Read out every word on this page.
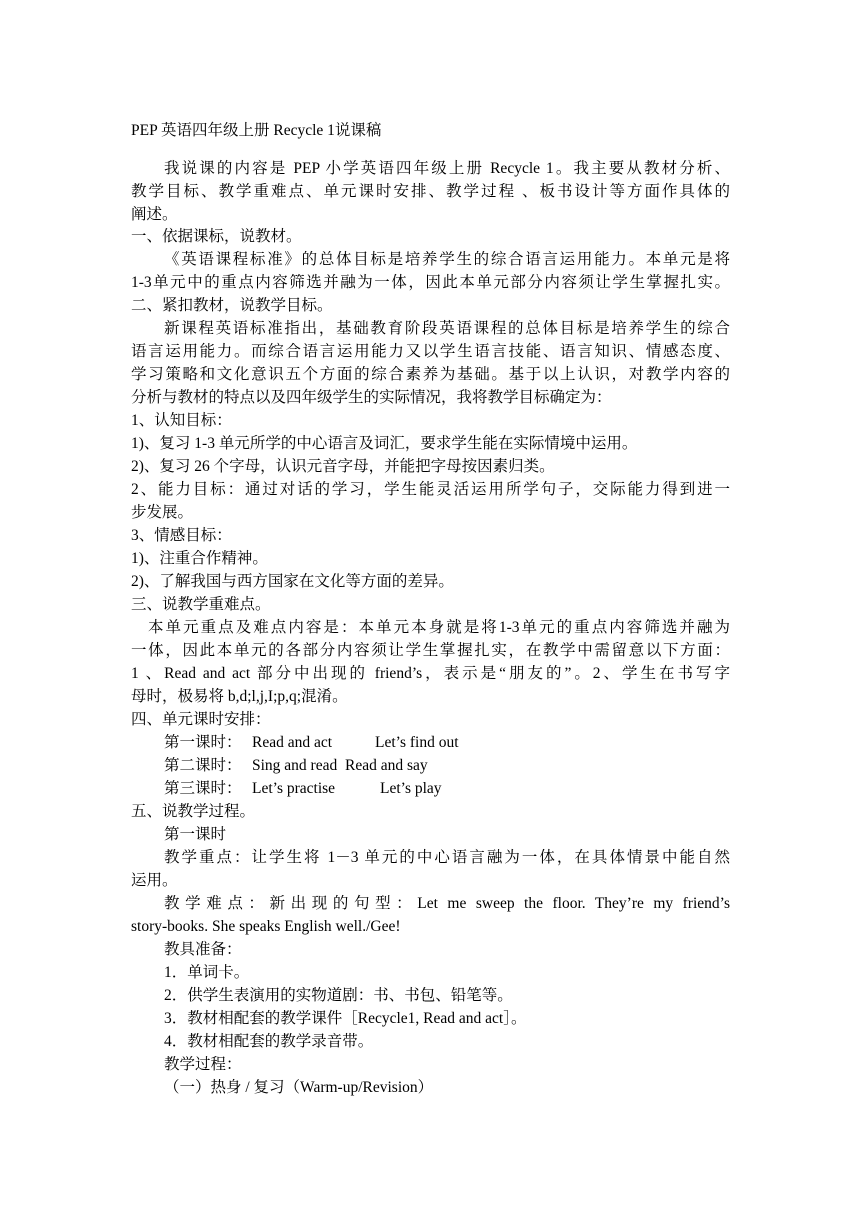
PEP 英语四年级上册 Recycle 1说课稿
我说课的内容是 PEP 小学英语四年级上册 Recycle 1。我主要从教材分析、
教学目标、教学重难点、单元课时安排、教学过程 、板书设计等方面作具体的
阐述。
一、依据课标，说教材。
《英语课程标准》的总体目标是培养学生的综合语言运用能力。本单元是将
1-3单元中的重点内容筛选并融为一体，因此本单元部分内容须让学生掌握扎实。
二、紧扣教材，说教学目标。
新课程英语标准指出，基础教育阶段英语课程的总体目标是培养学生的综合
语言运用能力。而综合语言运用能力又以学生语言技能、语言知识、情感态度、
学习策略和文化意识五个方面的综合素养为基础。基于以上认识，对教学内容的
分析与教材的特点以及四年级学生的实际情况，我将教学目标确定为：
1、认知目标：
1)、复习 1-3 单元所学的中心语言及词汇，要求学生能在实际情境中运用。
2)、复习 26 个字母，认识元音字母，并能把字母按因素归类。
2、能力目标：通过对话的学习，学生能灵活运用所学句子，交际能力得到进一
步发展。
3、情感目标：
1)、注重合作精神。
2)、了解我国与西方国家在文化等方面的差异。
三、说教学重难点。
本单元重点及难点内容是：本单元本身就是将1-3单元的重点内容筛选并融为
一体，因此本单元的各部分内容须让学生掌握扎实，在教学中需留意以下方面：
1 、Read and act 部分中出现的 friend’s，表示是“朋友的”。2、学生在书写字
母时，极易将 b,d;l,j,I;p,q;混淆。
四、单元课时安排：
第一课时： Read and act	Let’s find out
第二课时： Sing and read Read and say
第三课时： Let’s practise	Let’s play
五、说教学过程。
第一课时
教学重点：让学生将 1－3 单元的中心语言融为一体，在具体情景中能自然
运用。
教学难点：新出现的句型：Let me sweep the floor. They’re my friend’s
story-books. She speaks English well./Gee!
教具准备：
1．单词卡。
2．供学生表演用的实物道剧：书、书包、铅笔等。
3．教材相配套的教学课件［Recycle1, Read and act］。
4．教材相配套的教学录音带。
教学过程：
（一）热身 / 复习（Warm-up/Revision）
